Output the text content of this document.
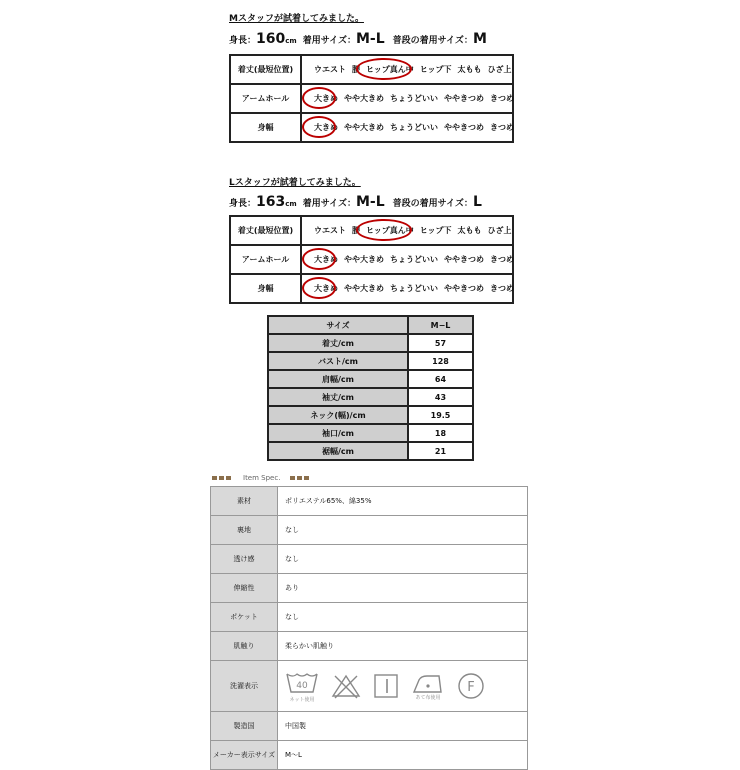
Mスタッフが試着してみました。
身長： 160 cm 着用サイズ： M-L 普段の着用サイズ： M
着丈(最短位置)	ウエスト 腰 ヒップ真ん中 ヒップ下 太もも ひざ上
アームホール	大きめ やや大きめ ちょうどいい ややきつめ きつめ
身幅	大きめ やや大きめ ちょうどいい ややきつめ きつめ
Lスタッフが試着してみました。
身長： 163 cm 着用サイズ： M-L 普段の着用サイズ： L
着丈(最短位置)	ウエスト 腰 ヒップ真ん中 ヒップ下 太もも ひざ上
アームホール	大きめ やや大きめ ちょうどいい ややきつめ きつめ
身幅	大きめ やや大きめ ちょうどいい ややきつめ きつめ
サイズ	M−L
着丈/cm	57
バスト/cm	128
肩幅/cm	64
袖丈/cm	43
ネック(幅)/cm	19.5
袖口/cm	18
裾幅/cm	21
Item Spec.
素材	ポリエステル65%、綿35%
裏地	なし
透け感	なし
伸縮性	あり
ポケット	なし
肌触り	柔らかい肌触り
洗濯表示	40
ネット使用 あて布使用
F

製造国	中国製
メーカー表示サイズ	M〜L
